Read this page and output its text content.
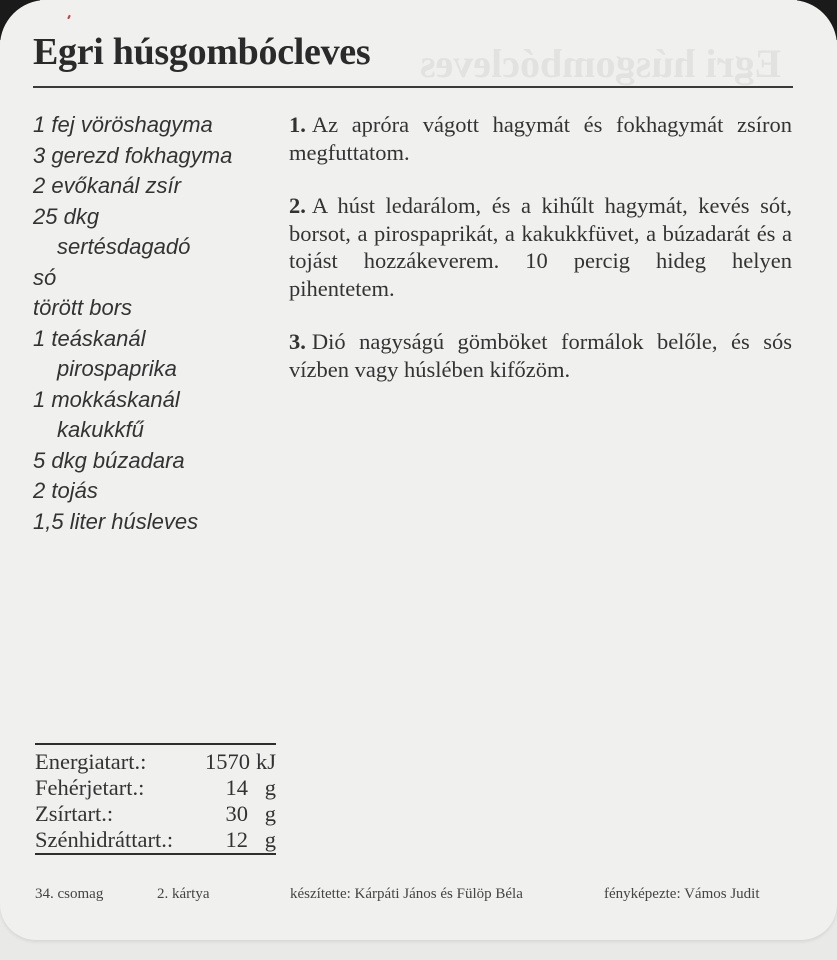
Egri húsgombócleves
Egri húsgombócleves
1 fej vöröshagyma
3 gerezd fokhagyma
2 evőkanál zsír
25 dkg
sertésdagadó
só
törött bors
1 teáskanál
pirospaprika
1 mokkáskanál
kakukkfű
5 dkg búzadara
2 tojás
1,5 liter húsleves

1. Az apróra vágott hagymát és fokhagymát zsíron megfuttatom.

2. A húst ledarálom, és a kihűlt hagymát, kevés sót, borsot, a pirospaprikát, a kakukkfüvet, a búzadarát és a tojást hozzákeverem. 10 percig hideg helyen pihentetem.

3. Dió nagyságú gömböket formálok belőle, és sós vízben vagy húslében kifőzöm.

Energiatart.:	1570 kJ
Fehérjetart.:	14 g
Zsírtart.:	30 g
Szénhidráttart.:	12 g
34. csomag	2. kártya	készítette: Kárpáti János és Fülöp Béla	fényképezte: Vámos Judit
